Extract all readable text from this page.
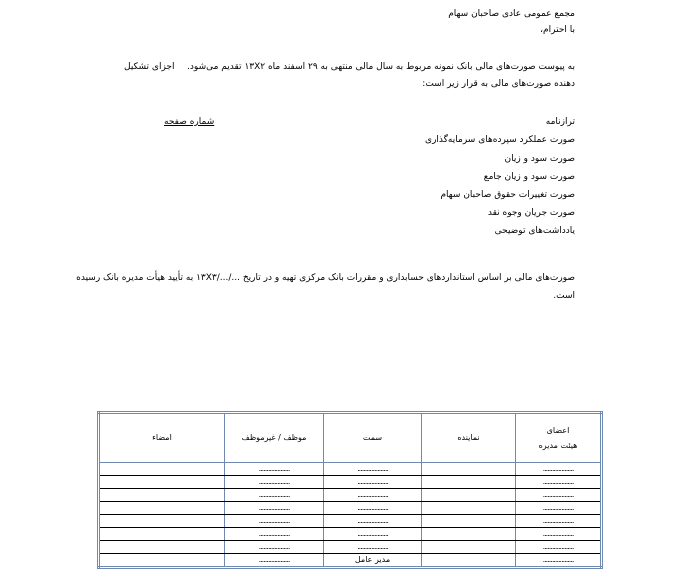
مجمع عمومی عادی صاحبان سهام
با احترام،
به پیوست صورت‌های مالی بانک نمونه مربوط به سال مالی منتهی به ۲۹ اسفند ماه ۱۳X۲ تقدیم می‌شود.
اجزای تشکیل
دهنده صورت‌های مالی به قرار زیر است:
ترازنامه
شماره صفحه
صورت عملکرد سپرده‌های سرمایه‌گذاری
صورت سود و زیان
صورت سود و زیان جامع
صورت تغییرات حقوق صاحبان سهام
صورت جریان وجوه نقد
یادداشت‌های توضیحی
صورت‌های مالی بر اساس استانداردهای حسابداری و مقررات بانک مرکزی تهیه و در تاریخ .../.../۱۳X۳ به تأیید هیأت مدیره بانک رسیده
است.
اعضای
هیئت مدیره	نماینده	سمت	موظف / غیرموظف	امضاء
....................		....................	....................	
....................		....................	....................	
....................		....................	....................	
....................		....................	....................	
....................		....................	....................	
....................		....................	....................	
....................		....................	....................	
....................		مدیر عامل	....................	
